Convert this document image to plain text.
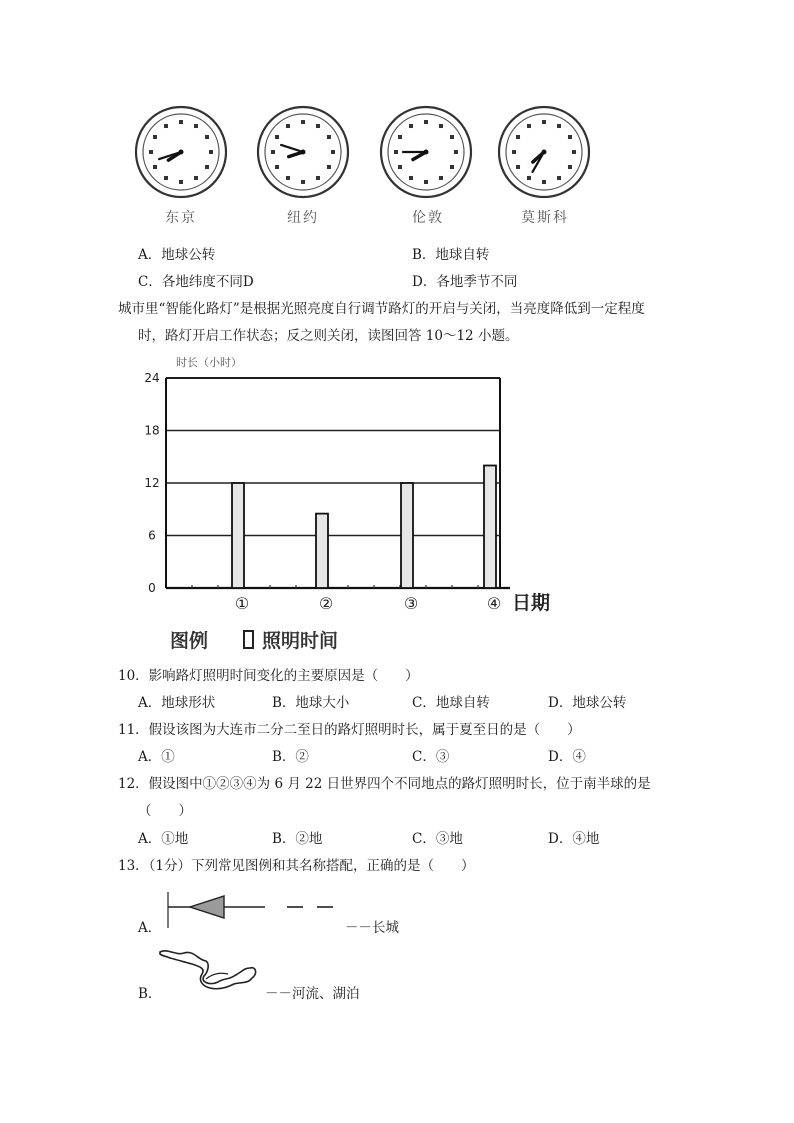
东京	纽约	伦敦	莫斯科
A．地球公转	B．地球自转
C．各地纬度不同D	D．各地季节不同
城市里“智能化路灯”是根据光照亮度自行调节路灯的开启与关闭，当亮度降低到一定程度
时，路灯开启工作状态；反之则关闭，读图回答 10～12 小题。
时长（小时）
日期
图例	照明时间
0
6
12
18
24
①	②	③	④
10．影响路灯照明时间变化的主要原因是（　　）
A．地球形状	B．地球大小	C．地球自转	D．地球公转
11．假设该图为大连市二分二至日的路灯照明时长，属于夏至日的是（　　）
A．①	B．②	C．③	D．④
12．假设图中①②③④为 6 月 22 日世界四个不同地点的路灯照明时长，位于南半球的是
（　　）
A．①地	B．②地	C．③地	D．④地
13．（1分）下列常见图例和其名称搭配，正确的是（　　）
A．	－－长城
B．	－－河流、湖泊
